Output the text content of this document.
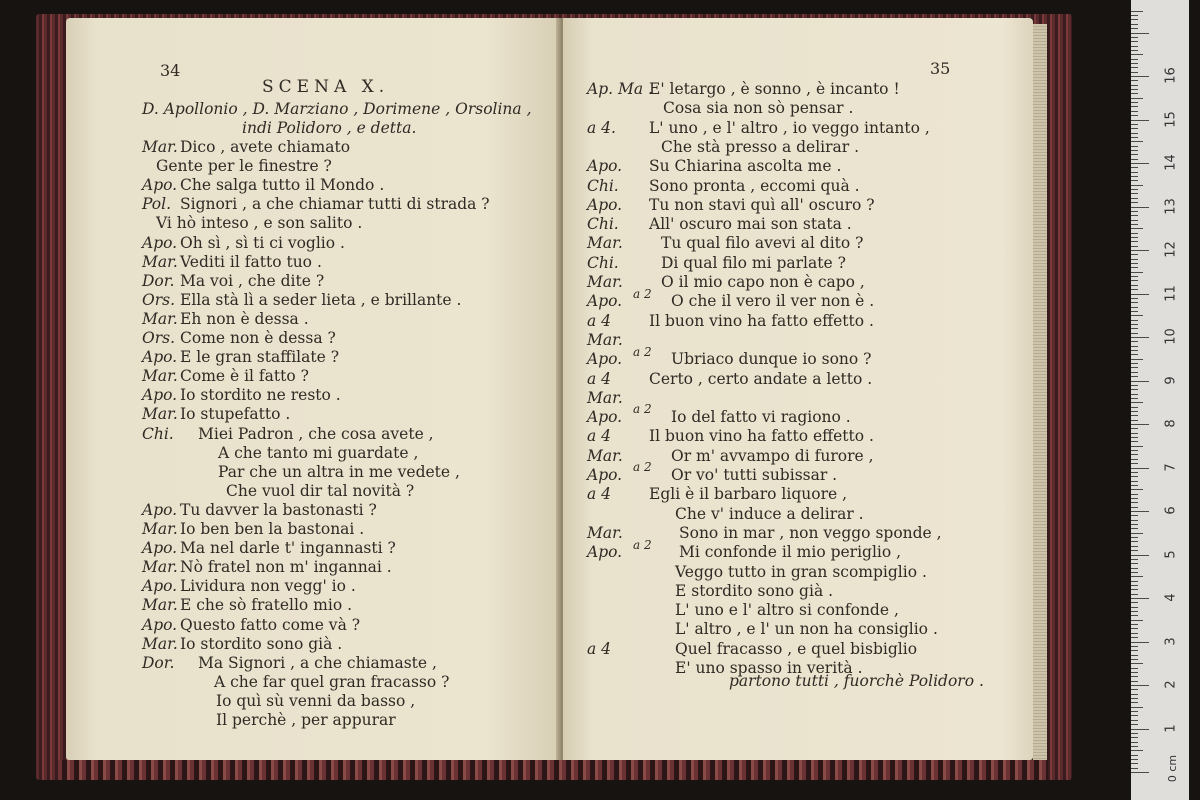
34
SCENA X.
D. Apollonio , D. Marziano , Dorimene , Orsolina ,
indi Polidoro , e detta.
Mar. Dico , avete chiamato
Gente per le finestre ?
Apo. Che salga tutto il Mondo .
Pol. Signori , a che chiamar tutti di strada ?
Vi hò inteso , e son salito .
Apo. Oh sì , sì ti ci voglio .
Mar. Vediti il fatto tuo .
Dor. Ma voi , che dite ?
Ors. Ella stà lì a seder lieta , e brillante .
Mar. Eh non è dessa .
Ors. Come non è dessa ?
Apo. E le gran staffilate ?
Mar. Come è il fatto ?
Apo. Io stordito ne resto .
Mar. Io stupefatto .
Chi. Miei Padron , che cosa avete ,
A che tanto mi guardate ,
Par che un altra in me vedete ,
Che vuol dir tal novità ?
Apo. Tu davver la bastonasti ?
Mar. Io ben ben la bastonai .
Apo. Ma nel darle t' ingannasti ?
Mar. Nò fratel non m' ingannai .
Apo. Lividura non vegg' io .
Mar. E che sò fratello mio .
Apo. Questo fatto come và ?
Mar. Io stordito sono già .
Dor. Ma Signori , a che chiamaste ,
A che far quel gran fracasso ?
Io quì sù venni da basso ,
Il perchè , per appurar
35
Ap. Ma .
E' letargo , è sonno , è incanto !
Cosa sia non sò pensar .
a 4. L' uno , e l' altro , io veggo intanto ,
Che stà presso a delirar .
Apo. Su Chiarina ascolta me .
Chi. Sono pronta , eccomi quà .
Apo. Tu non stavi quì all' oscuro ?
Chi. All' oscuro mai son stata .
Mar. Tu qual filo avevi al dito ?
Chi.	Di qual filo mi parlate ?
Mar. O il mio capo non è capo ,
Apo.	O che il vero il ver non è .
a 4 Il buon vino ha fatto effetto .
Mar.
Apo.	Ubriaco dunque io sono ?
a 4 Certo , certo andate a letto .
Mar.
Apo.	Io del fatto vi ragiono .
a 4 Il buon vino ha fatto effetto .
Mar.	Or m' avvampo di furore ,
Apo.	Or vo' tutti subissar .
a 4 Egli è il barbaro liquore ,
Che v' induce a delirar .
Mar.	Sono in mar , non veggo sponde ,
Apo.	Mi confonde il mio periglio ,
Veggo tutto in gran scompiglio .
E stordito sono già .
L' uno e l' altro si confonde ,
L' altro , e l' un non ha consiglio .
a 4	Quel fracasso , e quel bisbiglio
E' uno spasso in verità .
partono tutti , fuorchè Polidoro .
a 2
a 2
a 2
a 2
a 2
0 cm
1
2
3
4
5
6
7
8
9
10
11
12
13
14
15
16
